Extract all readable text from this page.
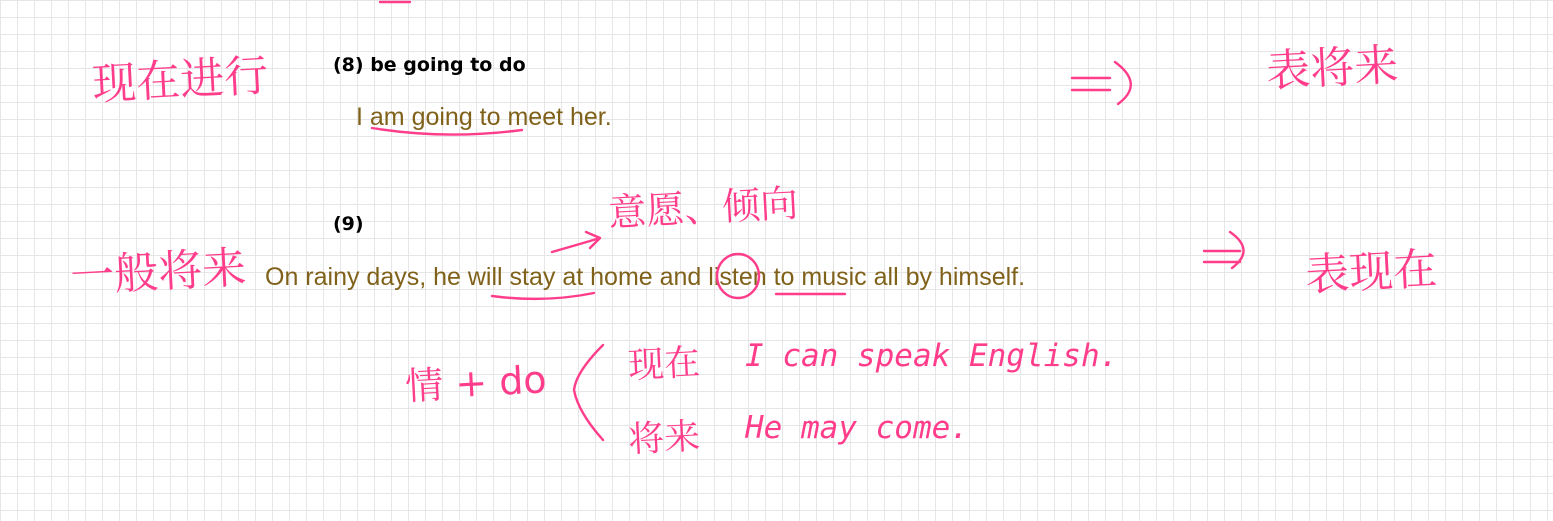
(8) be going to do
I am going to meet her.
现在进行	表将来
(9)
On rainy days, he will stay at home and listen to music all by himself.
一般将来	表现在
意愿、倾向
情 + do 现在 I can speak English.
将来 He may come.
